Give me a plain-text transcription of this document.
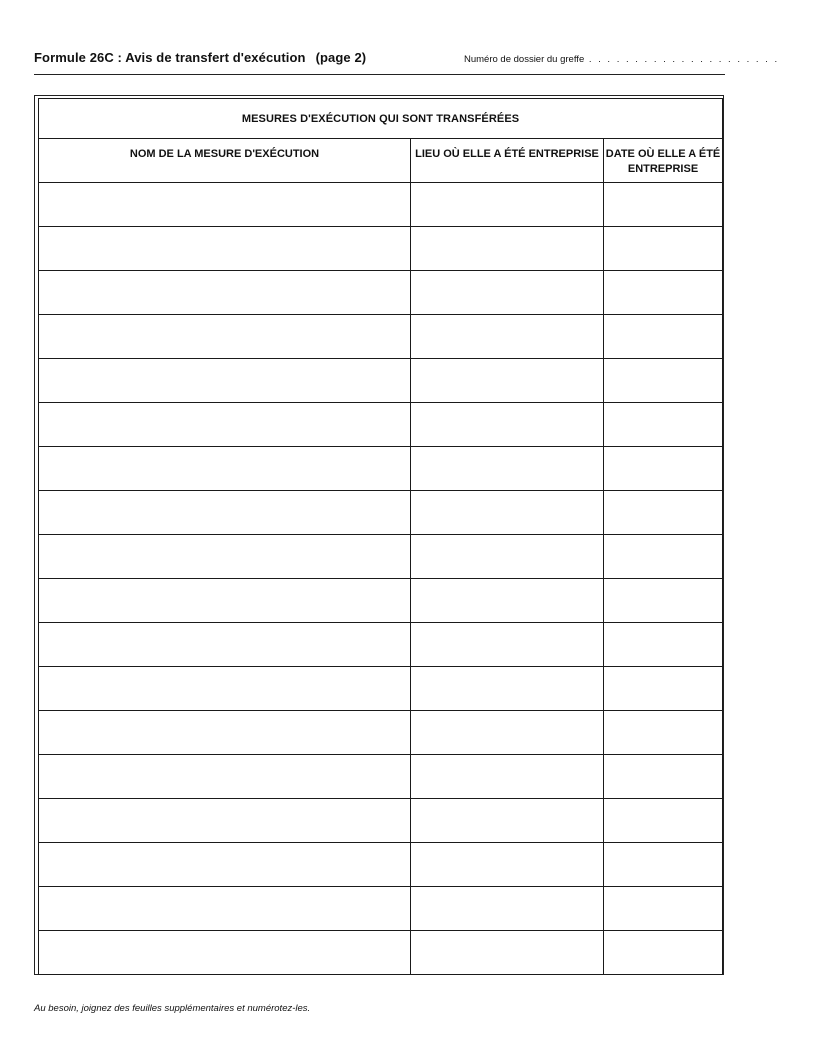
Formule 26C : Avis de transfert d'exécution (page 2)	Numéro de dossier du greffe . . . . . . . . . . . . . . . . . . . . .
MESURES D'EXÉCUTION QUI SONT TRANSFÉRÉES		
NOM DE LA MESURE D'EXÉCUTION	LIEU OÙ ELLE A ÉTÉ ENTREPRISE	DATE OÙ ELLE A ÉTÉ ENTREPRISE

Au besoin, joignez des feuilles supplémentaires et numérotez-les.
